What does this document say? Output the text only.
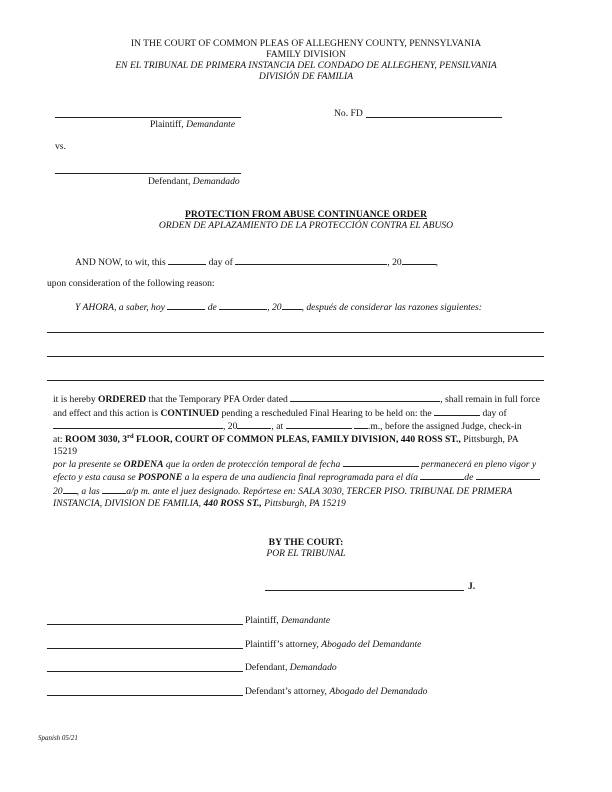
IN THE COURT OF COMMON PLEAS OF ALLEGHENY COUNTY, PENNSYLVANIA
FAMILY DIVISION
EN EL TRIBUNAL DE PRIMERA INSTANCIA DEL CONDADO DE ALLEGHENY, PENSILVANIA
DIVISIÓN DE FAMILIA
Plaintiff, Demandante
No. FD
vs.
Defendant, Demandado
PROTECTION FROM ABUSE CONTINUANCE ORDER
ORDEN DE APLAZAMIENTO DE LA PROTECCIÓN CONTRA EL ABUSO
AND NOW, to wit, this	day of	, 20	,
upon consideration of the following reason:
Y AHORA, a saber, hoy	de	, 20 , después de considerar las razones siguientes:
it is hereby ORDERED that the Temporary PFA Order dated	, shall remain in full force
and effect and this action is CONTINUED pending a rescheduled Final Hearing to be held on: the	day of
, 20	, at	.m., before the assigned Judge, check-in
at: ROOM 3030, 3rd FLOOR, COURT OF COMMON PLEAS, FAMILY DIVISION, 440 ROSS ST., Pittsburgh, PA
15219
por la presente se ORDENA que la orden de protección temporal de fecha	permanecerá en pleno vigor y
efecto y esta causa se POSPONE a la espera de una audiencia final reprogramada para el día	de
20 , a las	a/p m. ante el juez designado. Repórtese en: SALA 3030, TERCER PISO. TRIBUNAL DE PRIMERA
INSTANCIA, DIVISION DE FAMILIA, 440 ROSS ST., Pittsburgh, PA 15219
BY THE COURT:
POR EL TRIBUNAL
J.
Plaintiff, Demandante
Plaintiff’s attorney, Abogado del Demandante
Defendant, Demandado
Defendant’s attorney, Abogado del Demandado
Spanish 05/21
